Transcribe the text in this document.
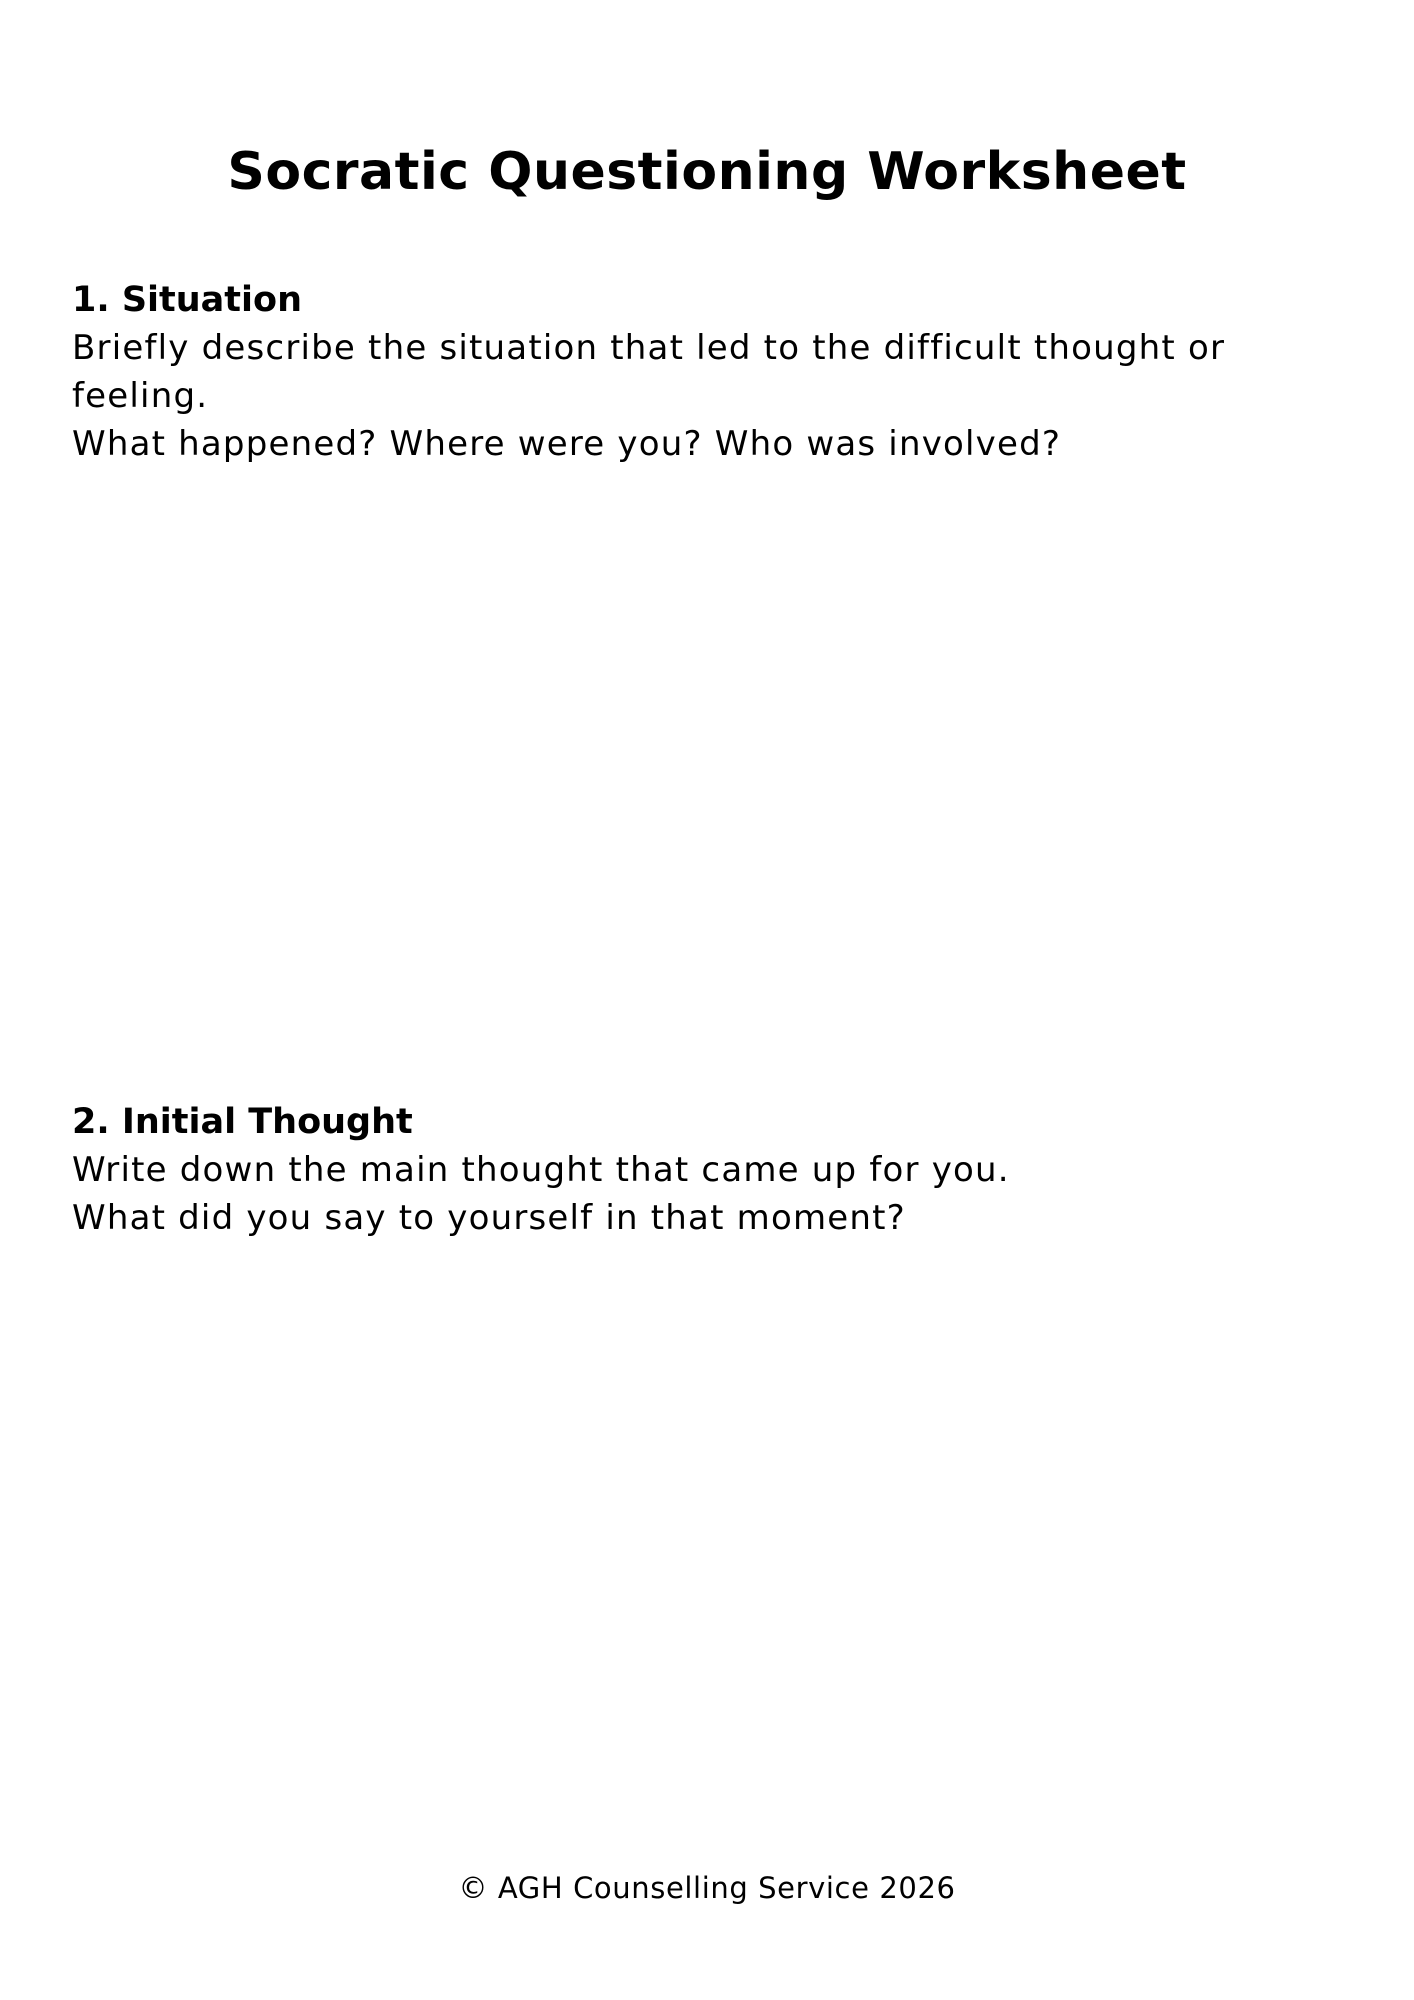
Socratic Questioning Worksheet
1. Situation
Briefly describe the situation that led to the difficult thought or feeling.
What happened? Where were you? Who was involved?
2. Initial Thought
Write down the main thought that came up for you.
What did you say to yourself in that moment?
© AGH Counselling Service 2026
